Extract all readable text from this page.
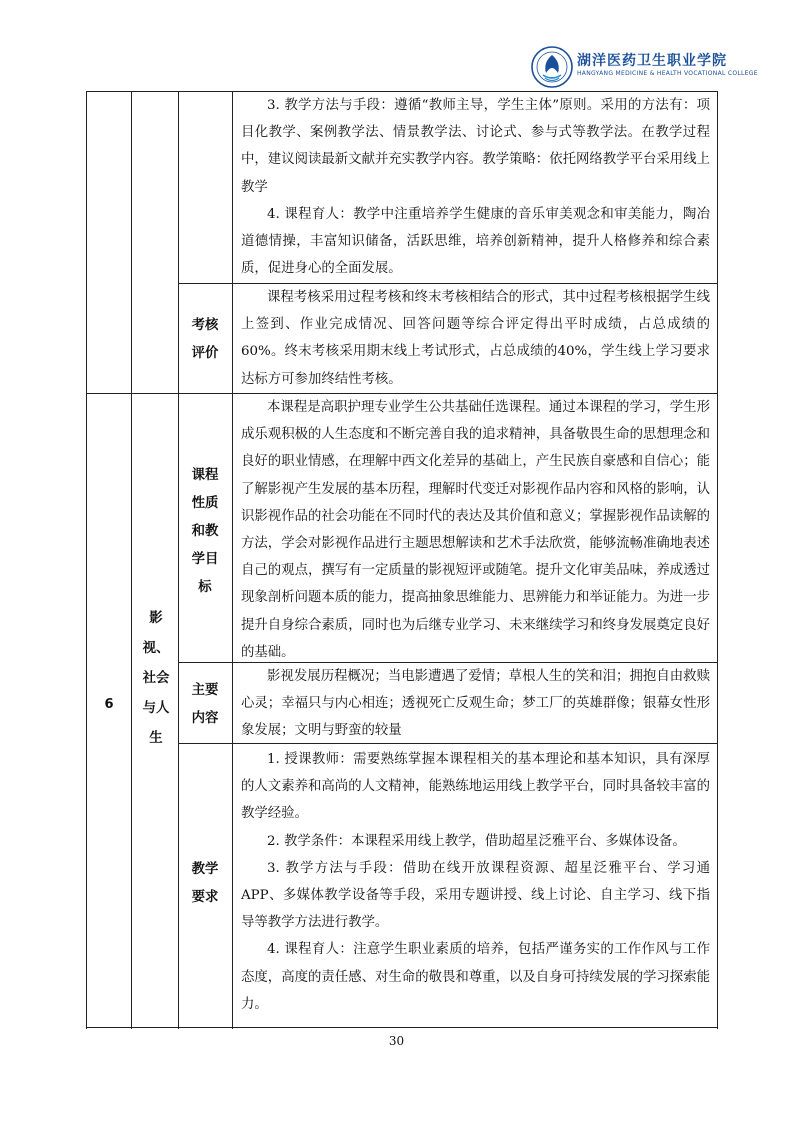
湖洋医药卫生职业学院
HANGYANG MEDICINE & HEALTH VOCATIONAL COLLEGE

3. 教学方法与手段：遵循“教师主导，学生主体”原则。采用的方法有：项目化教学、案例教学法、情景教学法、讨论式、参与式等教学法。在教学过程中，建议阅读最新文献并充实教学内容。教学策略：依托网络教学平台采用线上教学

4. 课程育人：教学中注重培养学生健康的音乐审美观念和审美能力，陶冶道德情操，丰富知识储备，活跃思维，培养创新精神，提升人格修养和综合素质，促进身心的全面发展。

考核
评价

课程考核采用过程考核和终末考核相结合的形式，其中过程考核根据学生线上签到、作业完成情况、回答问题等综合评定得出平时成绩，占总成绩的60%。终末考核采用期末线上考试形式，占总成绩的40%，学生线上学习要求达标方可参加终结性考核。

6
影
视、
社会
与人
生
课程
性质
和教
学目
标

本课程是高职护理专业学生公共基础任选课程。通过本课程的学习，学生形成乐观积极的人生态度和不断完善自我的追求精神，具备敬畏生命的思想理念和良好的职业情感，在理解中西文化差异的基础上，产生民族自豪感和自信心；能了解影视产生发展的基本历程，理解时代变迁对影视作品内容和风格的影响，认识影视作品的社会功能在不同时代的表达及其价值和意义；掌握影视作品读解的方法，学会对影视作品进行主题思想解读和艺术手法欣赏，能够流畅准确地表述自己的观点，撰写有一定质量的影视短评或随笔。提升文化审美品味，养成透过现象剖析问题本质的能力，提高抽象思维能力、思辨能力和举证能力。为进一步提升自身综合素质，同时也为后继专业学习、未来继续学习和终身发展奠定良好的基础。

主要
内容

影视发展历程概况；当电影遭遇了爱情；草根人生的笑和泪；拥抱自由救赎心灵；幸福只与内心相连；透视死亡反观生命；梦工厂的英雄群像；银幕女性形象发展；文明与野蛮的较量

教学
要求

1. 授课教师：需要熟练掌握本课程相关的基本理论和基本知识，具有深厚的人文素养和高尚的人文精神，能熟练地运用线上教学平台，同时具备较丰富的教学经验。

2. 教学条件：本课程采用线上教学，借助超星泛雅平台、多媒体设备。

3. 教学方法与手段：借助在线开放课程资源、超星泛雅平台、学习通APP、多媒体教学设备等手段，采用专题讲授、线上讨论、自主学习、线下指导等教学方法进行教学。

4. 课程育人：注意学生职业素质的培养，包括严谨务实的工作作风与工作态度，高度的责任感、对生命的敬畏和尊重，以及自身可持续发展的学习探索能力。

30
